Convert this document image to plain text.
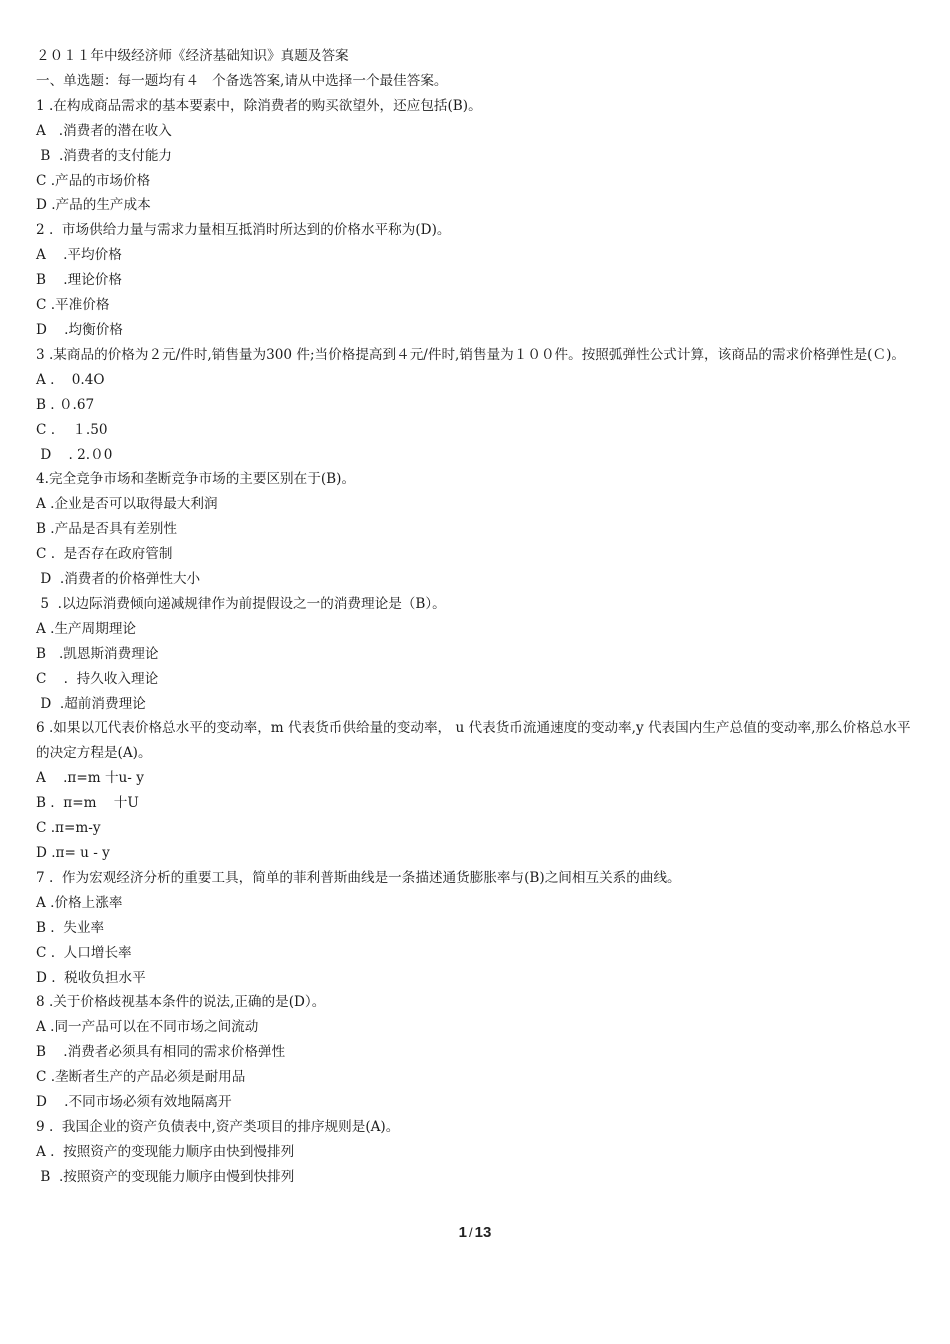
２０１１年中级经济师《经济基础知识》真题及答案
一、单选题：每一题均有４   个备选答案,请从中选择一个最佳答案。
1 .在构成商品需求的基本要素中，除消费者的购买欲望外，还应包括(B)。
A   .消费者的潜在收入
B  .消费者的支付能力
C .产品的市场价格
D .产品的生产成本
2 .  市场供给力量与需求力量相互抵消时所达到的价格水平称为(D)。
A    .平均价格
B    .理论价格
C .平准价格
D    .均衡价格
3 .某商品的价格为２元/件时,销售量为300 件;当价格提高到４元/件时,销售量为１００件。按照弧弹性公式计算，该商品的需求价格弹性是(Ｃ)。
A .    0.4O
B . ０.67
C .    １.50
D    . 2.０0
4.完全竞争市场和垄断竞争市场的主要区别在于(B)。
A .企业是否可以取得最大利润
B .产品是否具有差别性
C .  是否存在政府管制
D  .消费者的价格弹性大小
5  .以边际消费倾向递减规律作为前提假设之一的消费理论是（B）。
A .生产周期理论
B   .凯恩斯消费理论
C    .  持久收入理论
D  .超前消费理论
6 .如果以兀代表价格总水平的变动率，m 代表货币供给量的变动率， u 代表货币流通速度的变动率,y 代表国内生产总值的变动率,那么价格总水平的决定方程是(A)。
A    .π=m 十u- y
B .  π=m    十U
C .π=m-y
D .π= u - y
7 .  作为宏观经济分析的重要工具，简单的菲利普斯曲线是一条描述通货膨胀率与(B)之间相互关系的曲线。
A .价格上涨率
B .  失业率
C .  人口增长率
D .  税收负担水平
8 .关于价格歧视基本条件的说法,正确的是(D）。
A .同一产品可以在不同市场之间流动
B    .消费者必须具有相同的需求价格弹性
C .垄断者生产的产品必须是耐用品
D    .不同市场必须有效地隔离开
9 .  我国企业的资产负债表中,资产类项目的排序规则是(A)。
A .  按照资产的变现能力顺序由快到慢排列
B  .按照资产的变现能力顺序由慢到快排列
1 / 13
